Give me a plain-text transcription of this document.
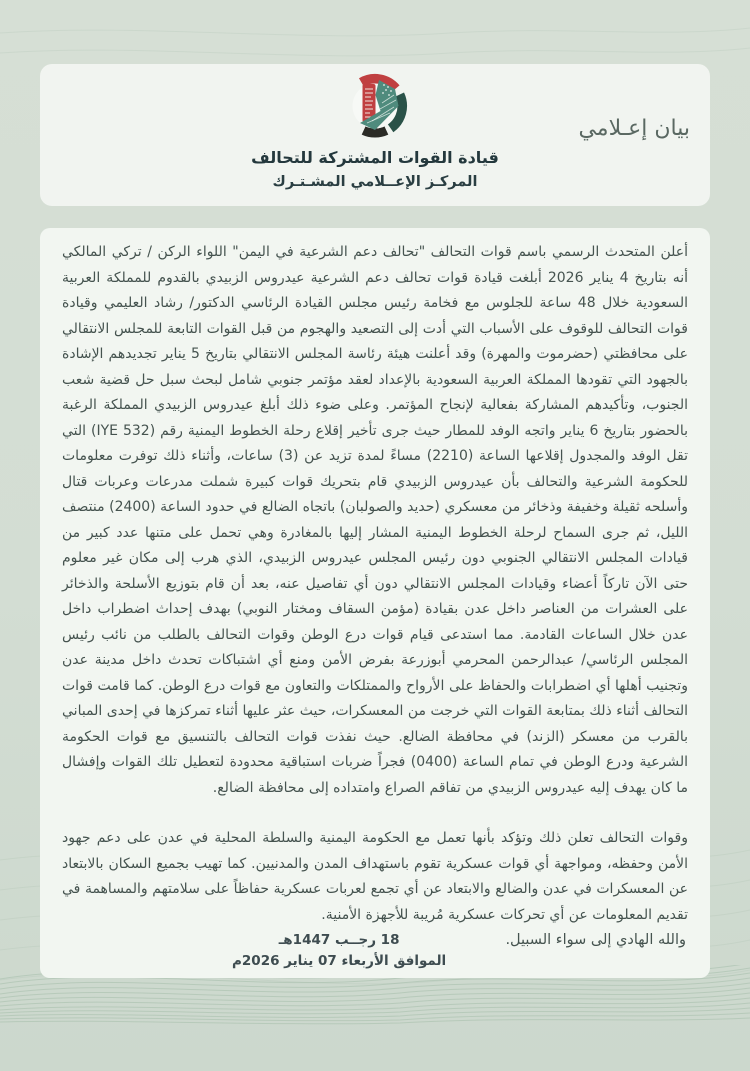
بيان إعـلامي
قيادة القوات المشتركة للتحالف
المركـز الإعــلامي المشـتـرك

أعلن المتحدث الرسمي باسم قوات التحالف "تحالف دعم الشرعية في اليمن" اللواء الركن / تركي المالكي أنه بتاريخ 4 يناير 2026 أبلغت قيادة قوات تحالف دعم الشرعية عيدروس الزبيدي بالقدوم للمملكة العربية السعودية خلال 48 ساعة للجلوس مع فخامة رئيس مجلس القيادة الرئاسي الدكتور/ رشاد العليمي وقيادة قوات التحالف للوقوف على الأسباب التي أدت إلى التصعيد والهجوم من قبل القوات التابعة للمجلس الانتقالي على محافظتي (حضرموت والمهرة) وقد أعلنت هيئة رئاسة المجلس الانتقالي بتاريخ 5 يناير تجديدهم الإشادة بالجهود التي تقودها المملكة العربية السعودية بالإعداد لعقد مؤتمر جنوبي شامل لبحث سبل حل قضية شعب الجنوب، وتأكيدهم المشاركة بفعالية لإنجاح المؤتمر. وعلى ضوء ذلك أبلغ عيدروس الزبيدي المملكة الرغبة بالحضور بتاريخ 6 يناير واتجه الوفد للمطار حيث جرى تأخير إقلاع رحلة الخطوط اليمنية رقم (IYE 532) التي تقل الوفد والمجدول إقلاعها الساعة (2210) مساءً لمدة تزيد عن (3) ساعات، وأثناء ذلك توفرت معلومات للحكومة الشرعية والتحالف بأن عيدروس الزبيدي قام بتحريك قوات كبيرة شملت مدرعات وعربات قتال وأسلحه ثقيلة وخفيفة وذخائر من معسكري (حديد والصولبان) باتجاه الضالع في حدود الساعة (2400) منتصف الليل، ثم جرى السماح لرحلة الخطوط اليمنية المشار إليها بالمغادرة وهي تحمل على متنها عدد كبير من قيادات المجلس الانتقالي الجنوبي دون رئيس المجلس عيدروس الزبيدي، الذي هرب إلى مكان غير معلوم حتى الآن تاركاً أعضاء وقيادات المجلس الانتقالي دون أي تفاصيل عنه، بعد أن قام بتوزيع الأسلحة والذخائر على العشرات من العناصر داخل عدن بقيادة (مؤمن السقاف ومختار النوبي) بهدف إحداث اضطراب داخل عدن خلال الساعات القادمة. مما استدعى قيام قوات درع الوطن وقوات التحالف بالطلب من نائب رئيس المجلس الرئاسي/ عبدالرحمن المحرمي أبوزرعة بفرض الأمن ومنع أي اشتباكات تحدث داخل مدينة عدن وتجنيب أهلها أي اضطرابات والحفاظ على الأرواح والممتلكات والتعاون مع قوات درع الوطن. كما قامت قوات التحالف أثناء ذلك بمتابعة القوات التي خرجت من المعسكرات، حيث عثر عليها أثناء تمركزها في إحدى المباني بالقرب من معسكر (الزند) في محافظة الضالع. حيث نفذت قوات التحالف بالتنسيق مع قوات الحكومة الشرعية ودرع الوطن في تمام الساعة (0400) فجراً ضربات استباقية محدودة لتعطيل تلك القوات وإفشال ما كان يهدف إليه عيدروس الزبيدي من تفاقم الصراع وامتداده إلى محافظة الضالع.

وقوات التحالف تعلن ذلك وتؤكد بأنها تعمل مع الحكومة اليمنية والسلطة المحلية في عدن على دعم جهود الأمن وحفظه، ومواجهة أي قوات عسكرية تقوم باستهداف المدن والمدنيين. كما تهيب بجميع السكان بالابتعاد عن المعسكرات في عدن والضالع والابتعاد عن أي تجمع لعربات عسكرية حفاظاً على سلامتهم والمساهمة في تقديم المعلومات عن أي تحركات عسكرية مُريبة للأجهزة الأمنية.

والله الهادي إلى سواء السبيل.
18 رجــب 1447هـ
الموافق الأربعاء 07 يناير 2026م
